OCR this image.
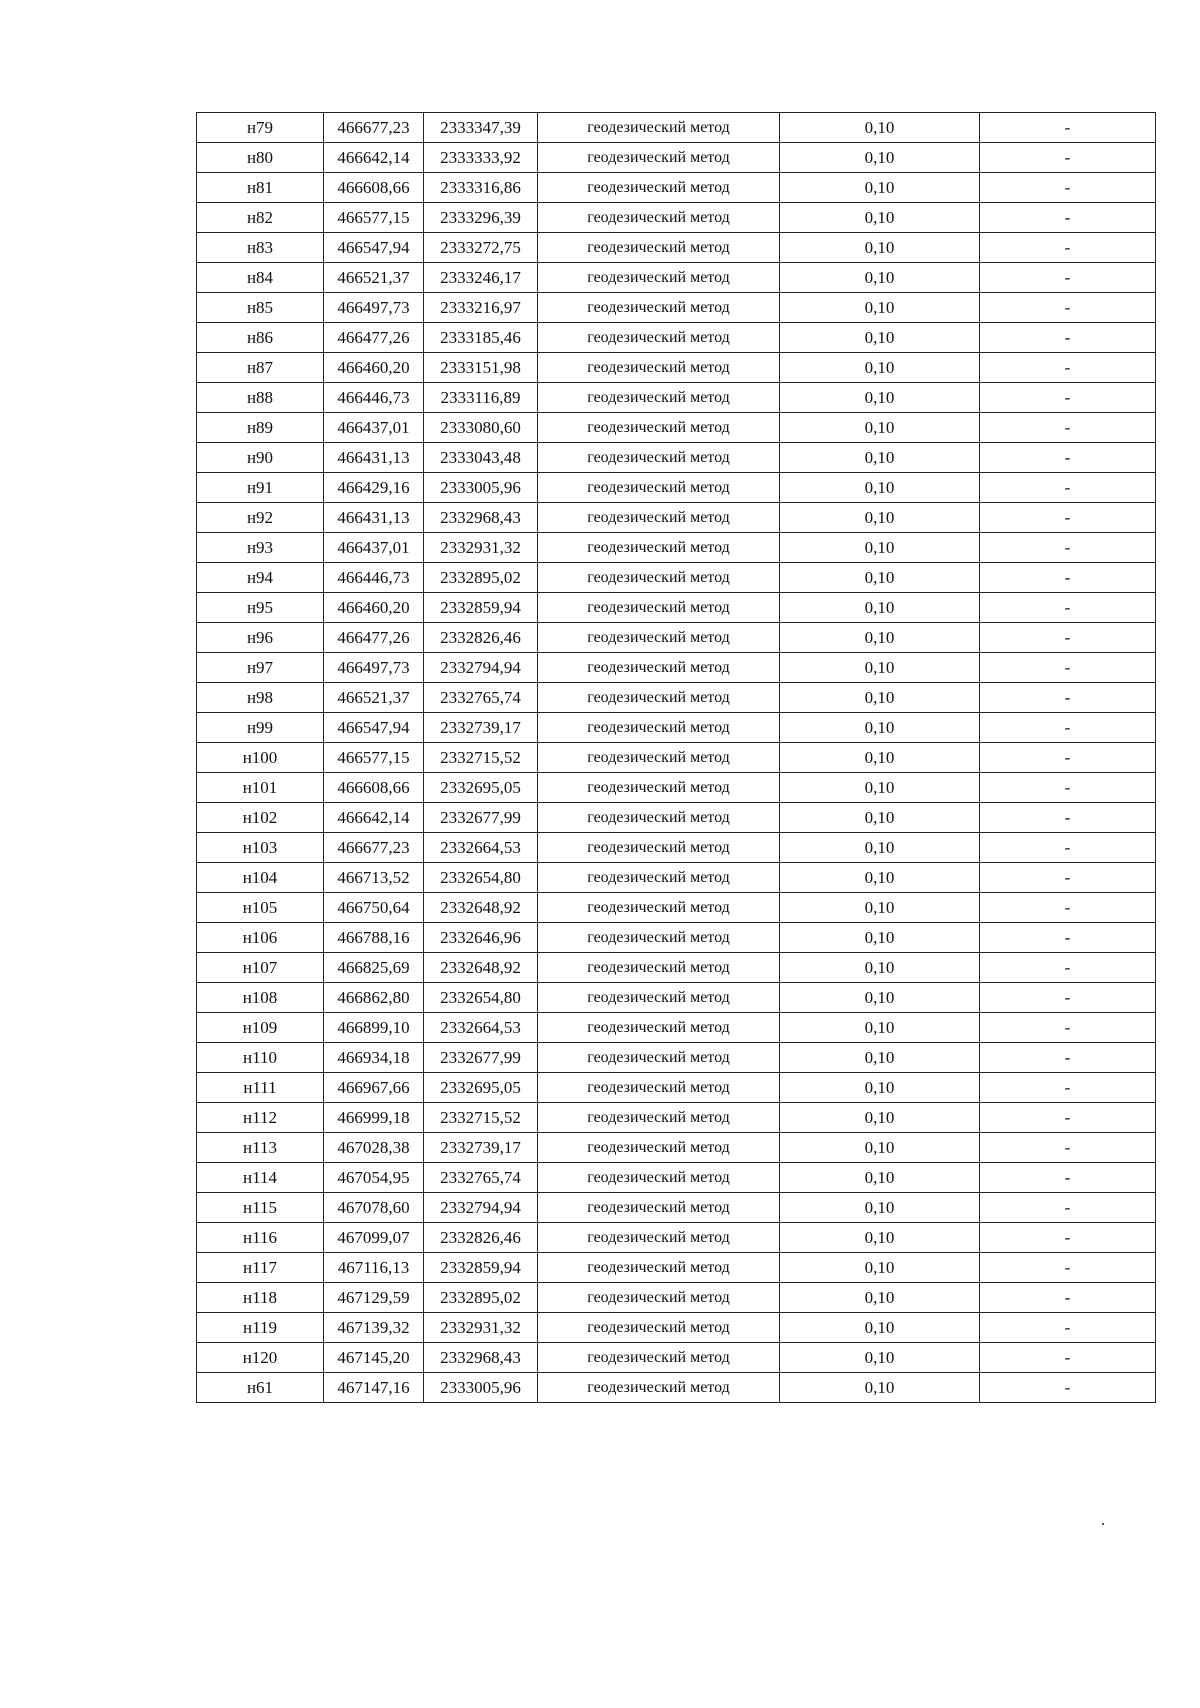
н79	466677,23	2333347,39	геодезический метод	0,10	-
н80	466642,14	2333333,92	геодезический метод	0,10	-
н81	466608,66	2333316,86	геодезический метод	0,10	-
н82	466577,15	2333296,39	геодезический метод	0,10	-
н83	466547,94	2333272,75	геодезический метод	0,10	-
н84	466521,37	2333246,17	геодезический метод	0,10	-
н85	466497,73	2333216,97	геодезический метод	0,10	-
н86	466477,26	2333185,46	геодезический метод	0,10	-
н87	466460,20	2333151,98	геодезический метод	0,10	-
н88	466446,73	2333116,89	геодезический метод	0,10	-
н89	466437,01	2333080,60	геодезический метод	0,10	-
н90	466431,13	2333043,48	геодезический метод	0,10	-
н91	466429,16	2333005,96	геодезический метод	0,10	-
н92	466431,13	2332968,43	геодезический метод	0,10	-
н93	466437,01	2332931,32	геодезический метод	0,10	-
н94	466446,73	2332895,02	геодезический метод	0,10	-
н95	466460,20	2332859,94	геодезический метод	0,10	-
н96	466477,26	2332826,46	геодезический метод	0,10	-
н97	466497,73	2332794,94	геодезический метод	0,10	-
н98	466521,37	2332765,74	геодезический метод	0,10	-
н99	466547,94	2332739,17	геодезический метод	0,10	-
н100	466577,15	2332715,52	геодезический метод	0,10	-
н101	466608,66	2332695,05	геодезический метод	0,10	-
н102	466642,14	2332677,99	геодезический метод	0,10	-
н103	466677,23	2332664,53	геодезический метод	0,10	-
н104	466713,52	2332654,80	геодезический метод	0,10	-
н105	466750,64	2332648,92	геодезический метод	0,10	-
н106	466788,16	2332646,96	геодезический метод	0,10	-
н107	466825,69	2332648,92	геодезический метод	0,10	-
н108	466862,80	2332654,80	геодезический метод	0,10	-
н109	466899,10	2332664,53	геодезический метод	0,10	-
н110	466934,18	2332677,99	геодезический метод	0,10	-
н111	466967,66	2332695,05	геодезический метод	0,10	-
н112	466999,18	2332715,52	геодезический метод	0,10	-
н113	467028,38	2332739,17	геодезический метод	0,10	-
н114	467054,95	2332765,74	геодезический метод	0,10	-
н115	467078,60	2332794,94	геодезический метод	0,10	-
н116	467099,07	2332826,46	геодезический метод	0,10	-
н117	467116,13	2332859,94	геодезический метод	0,10	-
н118	467129,59	2332895,02	геодезический метод	0,10	-
н119	467139,32	2332931,32	геодезический метод	0,10	-
н120	467145,20	2332968,43	геодезический метод	0,10	-
н61	467147,16	2333005,96	геодезический метод	0,10	-
